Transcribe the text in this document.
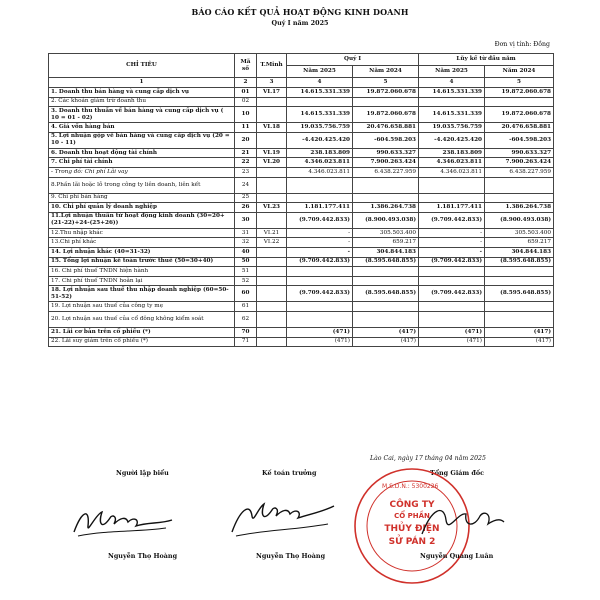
BÁO CÁO KẾT QUẢ HOẠT ĐỘNG KINH DOANH
Quý I năm 2025
Đơn vị tính: Đồng
CHỈ TIÊU	Mã số	T.Minh	Quý I		Lũy kế từ đầu năm	
			Năm 2025	Năm 2024	Năm 2025	Năm 2024
1	2	3	4	5	4	5
1. Doanh thu bán hàng và cung cấp dịch vụ	01	VI.17	14.615.331.339	19.872.060.678	14.615.331.339	19.872.060.678
2. Các khoản giảm trừ doanh thu	02					
3. Doanh thu thuần về bán hàng và cung cấp dịch vụ ( 10 = 01 - 02)	10		14.615.331.339	19.872.060.678	14.615.331.339	19.872.060.678
4. Giá vốn hàng bán	11	VI.18	19.035.756.759	20.476.658.881	19.035.756.759	20.476.658.881
5. Lợi nhuận gộp về bán hàng và cung cấp dịch vụ (20 = 10 - 11)	20		-4.420.425.420	-604.598.203	-4.420.425.420	-604.598.203
6. Doanh thu hoạt động tài chính	21	VI.19	238.183.809	990.633.327	238.183.809	990.633.327
7. Chi phí tài chính	22	VI.20	4.346.023.811	7.900.263.424	4.346.023.811	7.900.263.424
- Trong đó: Chi phí Lãi vay	23		4.346.023.811	6.438.227.959	4.346.023.811	6.438.227.959
8.Phần lãi hoặc lỗ trong công ty liên doanh, liên kết	24					
9. Chi phí bán hàng	25					
10. Chi phí quản lý doanh nghiệp	26	VI.23	1.181.177.411	1.386.264.738	1.181.177.411	1.386.264.738
11.Lợi nhuận thuần từ hoạt động kinh doanh (30=20+(21-22)+24-(25+26))	30		(9.709.442.833)	(8.900.493.038)	(9.709.442.833)	(8.900.493.038)
12.Thu nhập khác	31	VI.21	-	305.503.400	-	305.503.400
13.Chi phí khác	32	VI.22	-	659.217	-	659.217
14. Lợi nhuận khác (40=31-32)	40		-	304.844.183	-	304.844.183
15. Tổng lợi nhuận kế toán trước thuế (50=30+40)	50		(9.709.442.833)	(8.595.648.855)	(9.709.442.833)	(8.595.648.855)
16. Chi phí thuế TNDN hiện hành	51					
17. Chi phí thuế TNDN hoãn lại	52					
18. Lợi nhuận sau thuế thu nhập doanh nghiệp (60=50-51-52)	60		(9.709.442.833)	(8.595.648.855)	(9.709.442.833)	(8.595.648.855)
19. Lợi nhuận sau thuế của công ty mẹ	61					
20. Lợi nhuận sau thuế của cổ đông không kiểm soát	62					
21. Lãi cơ bản trên cổ phiếu (*)	70		(471)	(417)	(471)	(417)
22. Lãi suy giảm trên cổ phiếu (*)	71		(471)	(417)	(471)	(417)
Lào Cai, ngày 17 tháng 04 năm 2025
Người lập biểu	Kế toán trưởng	Tổng Giám đốc
M.S.D.N.: 5300226
CÔNG TY
CỔ PHẦN
THỦY ĐIỆN
SỬ PÁN 2
Nguyễn Thọ Hoàng	Nguyễn Thọ Hoàng	Nguyễn Quang Luân
